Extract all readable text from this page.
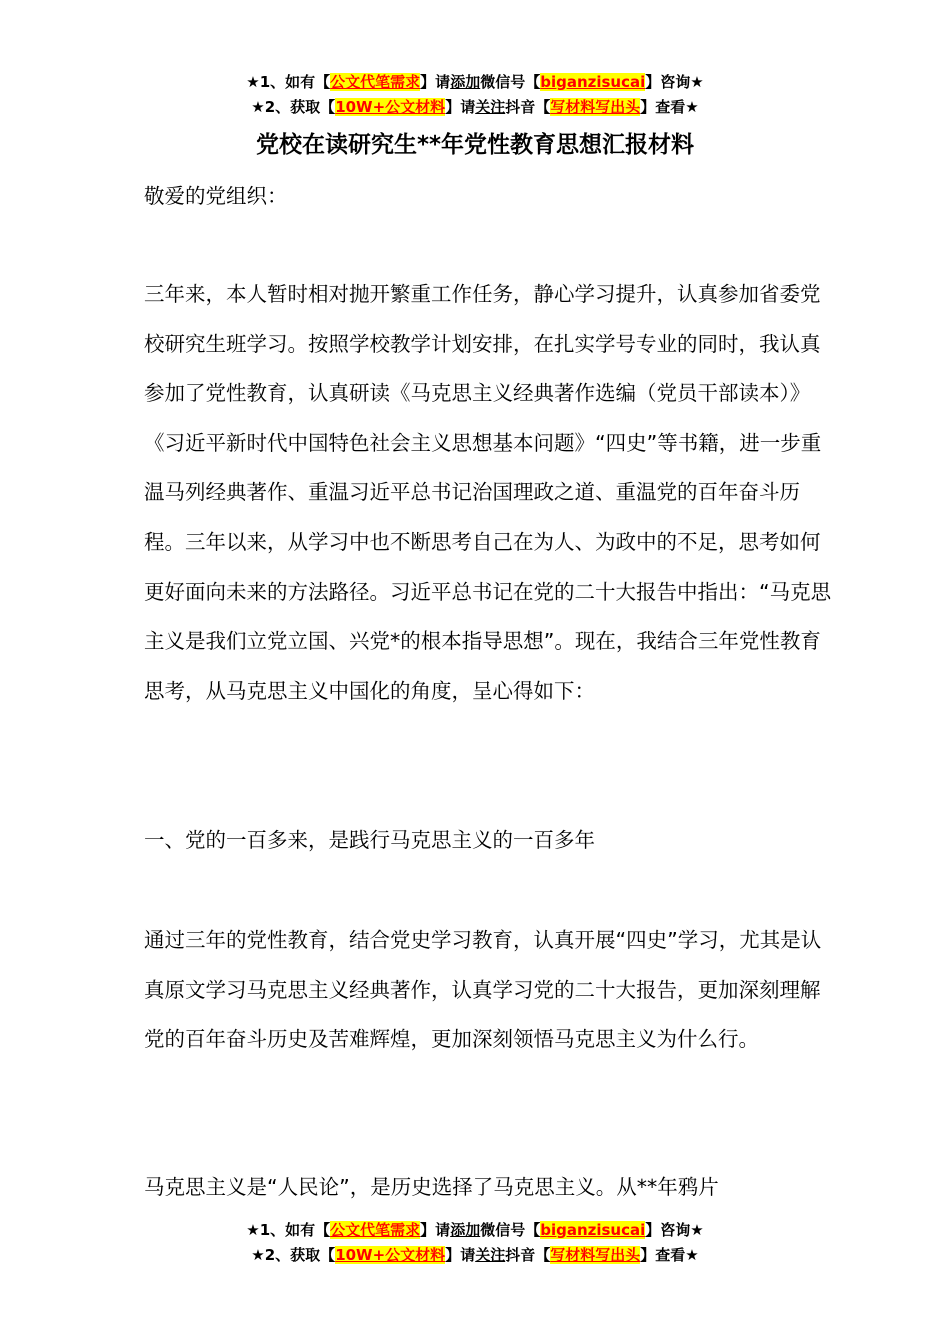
★1、如有【公文代笔需求】请添加微信号【biganzisucai】咨询★
★2、获取【10W+公文材料】请关注抖音【写材料写出头】查看★
党校在读研究生**年党性教育思想汇报材料

敬爱的党组织：

三年来，本人暂时相对抛开繁重工作任务，静心学习提升，认真参加省委党校研究生班学习。按照学校教学计划安排，在扎实学号专业的同时，我认真参加了党性教育，认真研读《马克思主义经典著作选编（党员干部读本）》《习近平新时代中国特色社会主义思想基本问题》“四史”等书籍，进一步重温马列经典著作、重温习近平总书记治国理政之道、重温党的百年奋斗历程。三年以来，从学习中也不断思考自己在为人、为政中的不足，思考如何更好面向未来的方法路径。习近平总书记在党的二十大报告中指出：“马克思主义是我们立党立国、兴党*的根本指导思想”。现在，我结合三年党性教育思考，从马克思主义中国化的角度，呈心得如下：

一、党的一百多来，是践行马克思主义的一百多年

通过三年的党性教育，结合党史学习教育，认真开展“四史”学习，尤其是认真原文学习马克思主义经典著作，认真学习党的二十大报告，更加深刻理解党的百年奋斗历史及苦难辉煌，更加深刻领悟马克思主义为什么行。

马克思主义是“人民论”，是历史选择了马克思主义。从**年鸦片

★1、如有【公文代笔需求】请添加微信号【biganzisucai】咨询★
★2、获取【10W+公文材料】请关注抖音【写材料写出头】查看★
